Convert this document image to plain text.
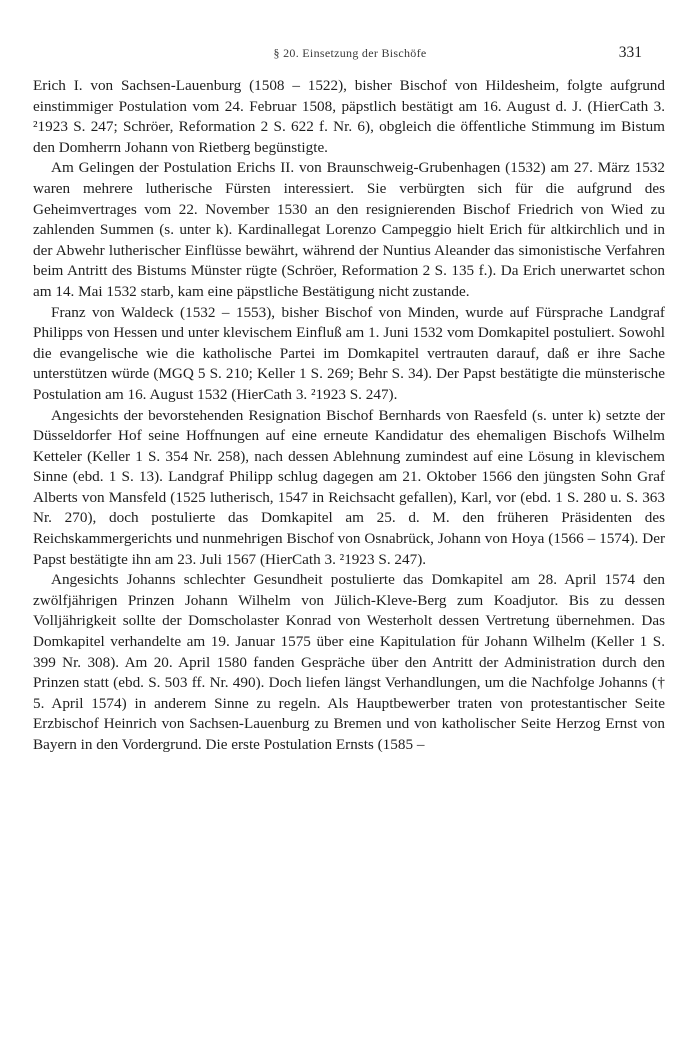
§ 20. Einsetzung der Bischöfe	331

Erich I. von Sachsen-Lauenburg (1508 – 1522), bisher Bischof von Hildesheim, folgte aufgrund einstimmiger Postulation vom 24. Februar 1508, päpstlich bestätigt am 16. August d. J. (HierCath 3. ²1923 S. 247; Schröer, Reformation 2 S. 622 f. Nr. 6), obgleich die öffentliche Stimmung im Bistum den Domherrn Johann von Rietberg begünstigte.

Am Gelingen der Postulation Erichs II. von Braunschweig-Grubenhagen (1532) am 27. März 1532 waren mehrere lutherische Fürsten interessiert. Sie verbürgten sich für die aufgrund des Geheimvertrages vom 22. November 1530 an den resignierenden Bischof Friedrich von Wied zu zahlenden Summen (s. unter k). Kardinallegat Lorenzo Campeggio hielt Erich für altkirchlich und in der Abwehr lutherischer Einflüsse bewährt, während der Nuntius Aleander das simonistische Verfahren beim Antritt des Bistums Münster rügte (Schröer, Reformation 2 S. 135 f.). Da Erich unerwartet schon am 14. Mai 1532 starb, kam eine päpstliche Bestätigung nicht zustande.

Franz von Waldeck (1532 – 1553), bisher Bischof von Minden, wurde auf Fürsprache Landgraf Philipps von Hessen und unter klevischem Einfluß am 1. Juni 1532 vom Domkapitel postuliert. Sowohl die evangelische wie die katholische Partei im Domkapitel vertrauten darauf, daß er ihre Sache unterstützen würde (MGQ 5 S. 210; Keller 1 S. 269; Behr S. 34). Der Papst bestätigte die münsterische Postulation am 16. August 1532 (HierCath 3. ²1923 S. 247).

Angesichts der bevorstehenden Resignation Bischof Bernhards von Raesfeld (s. unter k) setzte der Düsseldorfer Hof seine Hoffnungen auf eine erneute Kandidatur des ehemaligen Bischofs Wilhelm Ketteler (Keller 1 S. 354 Nr. 258), nach dessen Ablehnung zumindest auf eine Lösung in klevischem Sinne (ebd. 1 S. 13). Landgraf Philipp schlug dagegen am 21. Oktober 1566 den jüngsten Sohn Graf Alberts von Mansfeld (1525 lutherisch, 1547 in Reichsacht gefallen), Karl, vor (ebd. 1 S. 280 u. S. 363 Nr. 270), doch postulierte das Domkapitel am 25. d. M. den früheren Präsidenten des Reichskammergerichts und nunmehrigen Bischof von Osnabrück, Johann von Hoya (1566 – 1574). Der Papst bestätigte ihn am 23. Juli 1567 (HierCath 3. ²1923 S. 247).

Angesichts Johanns schlechter Gesundheit postulierte das Domkapitel am 28. April 1574 den zwölfjährigen Prinzen Johann Wilhelm von Jülich-Kleve-Berg zum Koadjutor. Bis zu dessen Volljährigkeit sollte der Domscholaster Konrad von Westerholt dessen Vertretung übernehmen. Das Domkapitel verhandelte am 19. Januar 1575 über eine Kapitulation für Johann Wilhelm (Keller 1 S. 399 Nr. 308). Am 20. April 1580 fanden Gespräche über den Antritt der Administration durch den Prinzen statt (ebd. S. 503 ff. Nr. 490). Doch liefen längst Verhandlungen, um die Nachfolge Johanns († 5. April 1574) in anderem Sinne zu regeln. Als Hauptbewerber traten von protestantischer Seite Erzbischof Heinrich von Sachsen-Lauenburg zu Bremen und von katholischer Seite Herzog Ernst von Bayern in den Vordergrund. Die erste Postulation Ernsts (1585 –
